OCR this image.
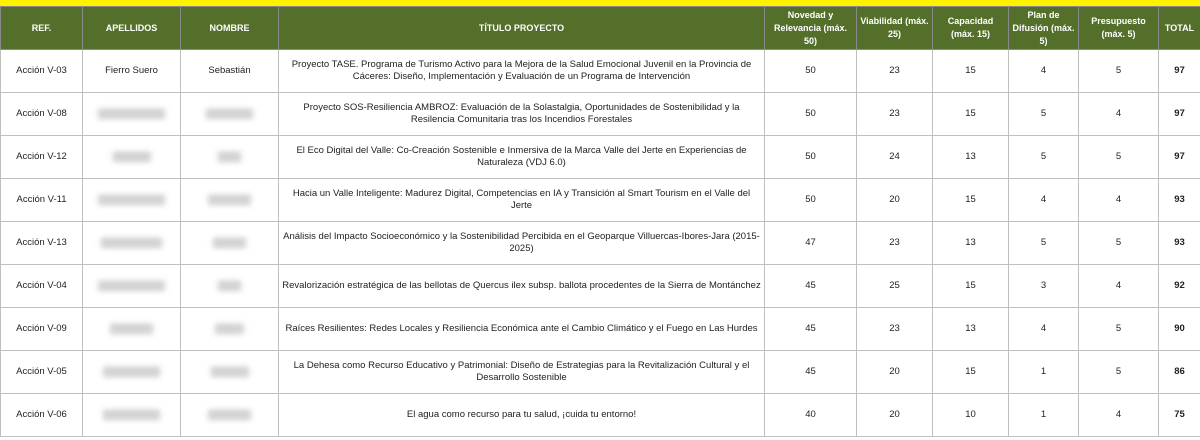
REF.	APELLIDOS	NOMBRE	TÍTULO PROYECTO	Novedad y Relevancia (máx. 50)	Viabilidad (máx. 25)	Capacidad (máx. 15)	Plan de Difusión (máx. 5)	Presupuesto (máx. 5)	TOTAL
Acción V-03	Fierro Suero	Sebastián	Proyecto TASE. Programa de Turismo Activo para la Mejora de la Salud Emocional Juvenil en la Provincia de Cáceres: Diseño, Implementación y Evaluación de un Programa de Intervención	50	23	15	4	5	97
Acción V-08	xxxxxxxxxxxxxx	xxxxxxxxxx	Proyecto SOS-Resiliencia AMBROZ: Evaluación de la Solastalgia, Oportunidades de Sostenibilidad y la Resilencia Comunitaria tras los Incendios Forestales	50	23	15	5	4	97
Acción V-12	xxxxxxxx	xxxxx	El Eco Digital del Valle: Co-Creación Sostenible e Inmersiva de la Marca Valle del Jerte en Experiencias de Naturaleza (VDJ 6.0)	50	24	13	5	5	97
Acción V-11	xxxxxxxxxxxxxx	xxxxxxxxx	Hacia un Valle Inteligente: Madurez Digital, Competencias en IA y Transición al Smart Tourism en el Valle del Jerte	50	20	15	4	4	93
Acción V-13	xxxxxxxxxxxxx	xxxxxxx	Análisis del Impacto Socioeconómico y la Sostenibilidad Percibida en el Geoparque Villuercas-Ibores-Jara (2015-2025)	47	23	13	5	5	93
Acción V-04	xxxxxxxxxxxxxx	xxxxx	Revalorización estratégica de las bellotas de Quercus ilex subsp. ballota procedentes de la Sierra de Montánchez	45	25	15	3	4	92
Acción V-09	xxxxxxxxx	xxxxxx	Raíces Resilientes: Redes Locales y Resiliencia Económica ante el Cambio Climático y el Fuego en Las Hurdes	45	23	13	4	5	90
Acción V-05	xxxxxxxxxxxx	xxxxxxxx	La Dehesa como Recurso Educativo y Patrimonial: Diseño de Estrategias para la Revitalización Cultural y el Desarrollo Sostenible	45	20	15	1	5	86
Acción V-06	xxxxxxxxxxxx	xxxxxxxxx	El agua como recurso para tu salud, ¡cuida tu entorno!	40	20	10	1	4	75
